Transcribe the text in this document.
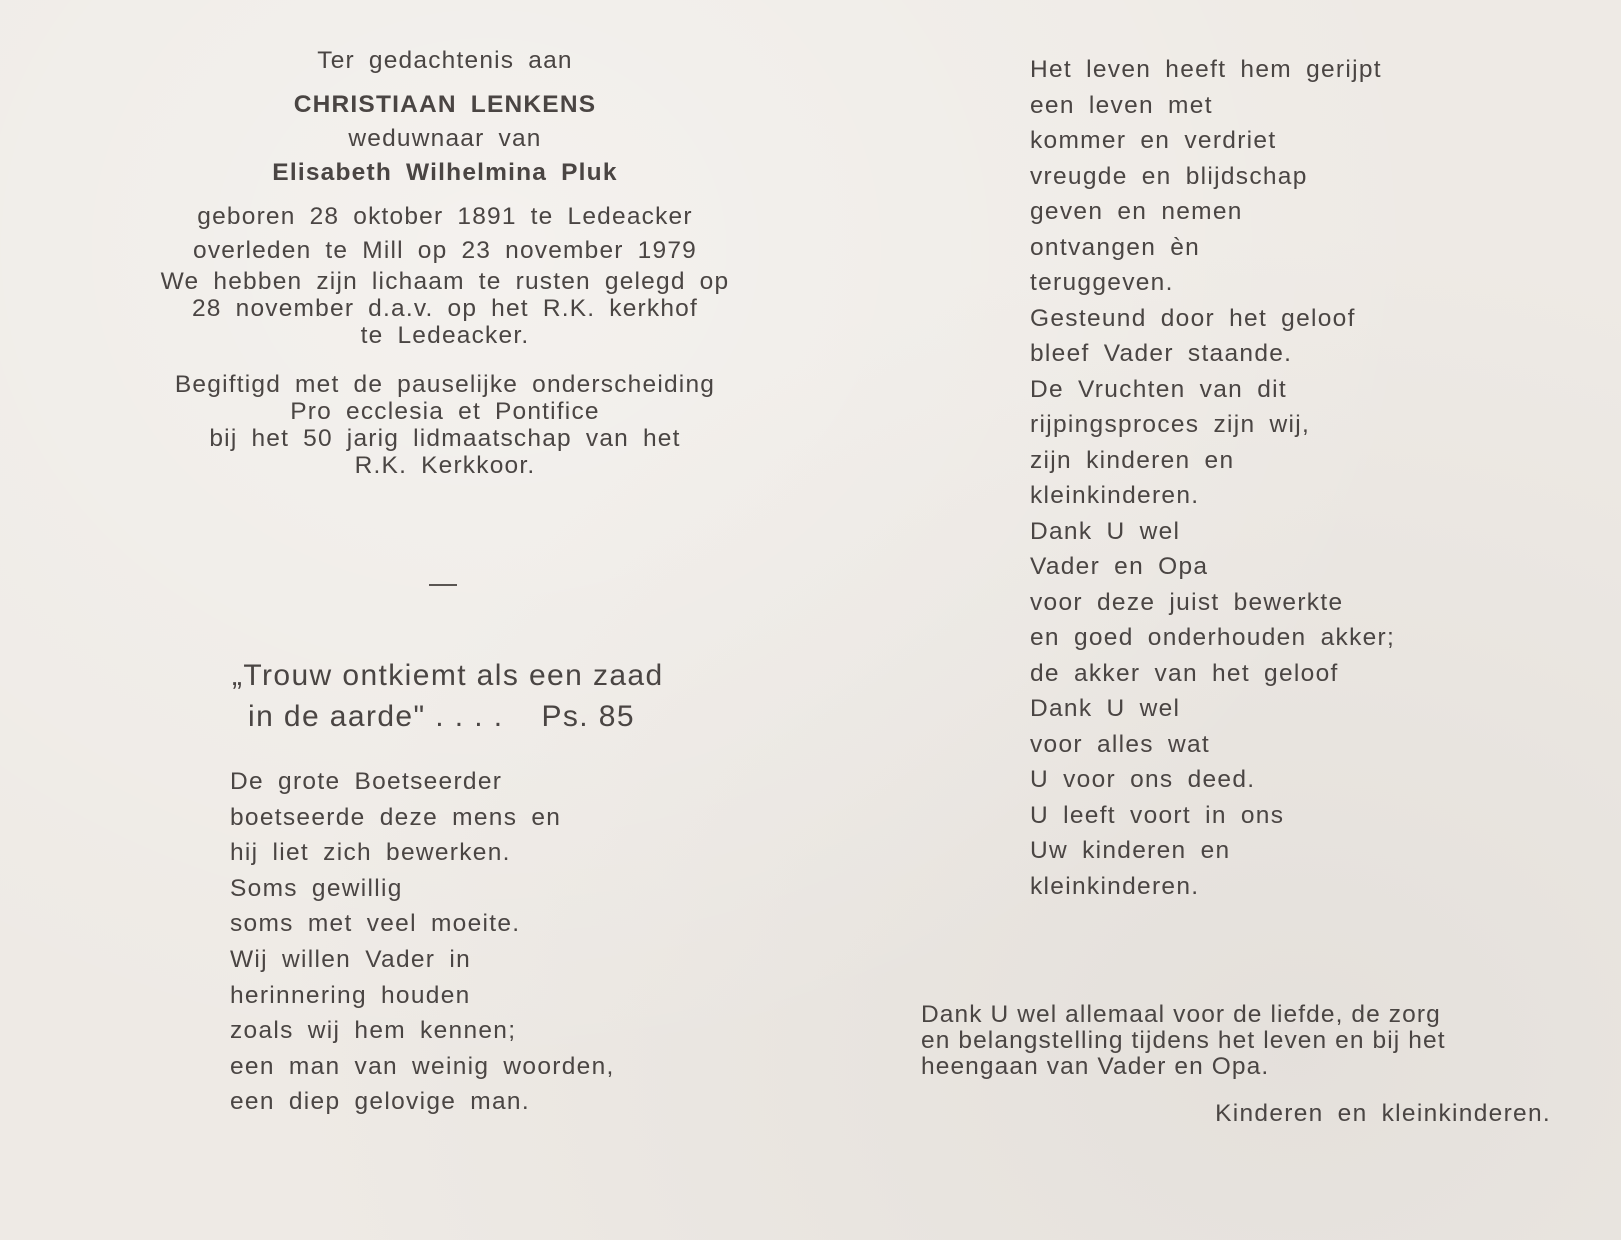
Ter gedachtenis aan
CHRISTIAAN LENKENS
weduwnaar van
Elisabeth Wilhelmina Pluk
geboren 28 oktober 1891 te Ledeacker
overleden te Mill op 23 november 1979
We hebben zijn lichaam te rusten gelegd op
28 november d.a.v. op het R.K. kerkhof
te Ledeacker.
Begiftigd met de pauselijke onderscheiding
Pro ecclesia et Pontifice
bij het 50 jarig lidmaatschap van het
R.K. Kerkkoor.
„Trouw ontkiemt als een zaad
in de aarde" . . . . Ps. 85
De grote Boetseerder
boetseerde deze mens en
hij liet zich bewerken.
Soms gewillig
soms met veel moeite.
Wij willen Vader in
herinnering houden
zoals wij hem kennen;
een man van weinig woorden,
een diep gelovige man.
Het leven heeft hem gerijpt
een leven met
kommer en verdriet
vreugde en blijdschap
geven en nemen
ontvangen èn
teruggeven.
Gesteund door het geloof
bleef Vader staande.
De Vruchten van dit
rijpingsproces zijn wij,
zijn kinderen en
kleinkinderen.
Dank U wel
Vader en Opa
voor deze juist bewerkte
en goed onderhouden akker;
de akker van het geloof
Dank U wel
voor alles wat
U voor ons deed.
U leeft voort in ons
Uw kinderen en
kleinkinderen.
Dank U wel allemaal voor de liefde, de zorg
en belangstelling tijdens het leven en bij het
heengaan van Vader en Opa.
Kinderen en kleinkinderen.
